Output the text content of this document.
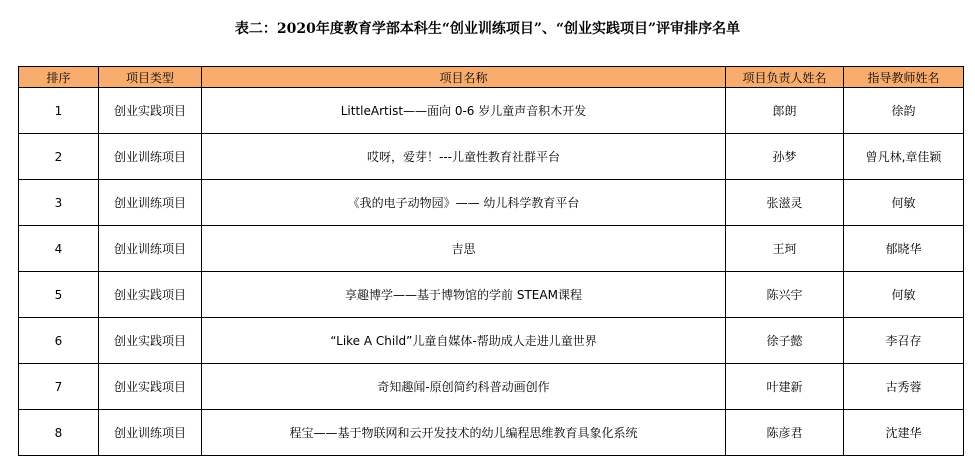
表二：2020年度教育学部本科生“创业训练项目”、“创业实践项目”评审排序名单
排序	项目类型	项目名称	项目负责人姓名	指导教师姓名
1	创业实践项目	LittleArtist——面向 0-6 岁儿童声音积木开发	郎朗	徐韵
2	创业训练项目	哎呀，爱芽！---儿童性教育社群平台	孙梦	曾凡林,章佳颖
3	创业训练项目	《我的电子动物园》—— 幼儿科学教育平台	张滋灵	何敏
4	创业训练项目	吉思	王珂	郁晓华
5	创业实践项目	享趣博学——基于博物馆的学前 STEAM课程	陈兴宇	何敏
6	创业实践项目	“Like A Child”儿童自媒体-帮助成人走进儿童世界	徐子懿	李召存
7	创业实践项目	奇知趣闻-原创简约科普动画创作	叶建新	古秀蓉
8	创业训练项目	程宝——基于物联网和云开发技术的幼儿编程思维教育具象化系统	陈彦君	沈建华
